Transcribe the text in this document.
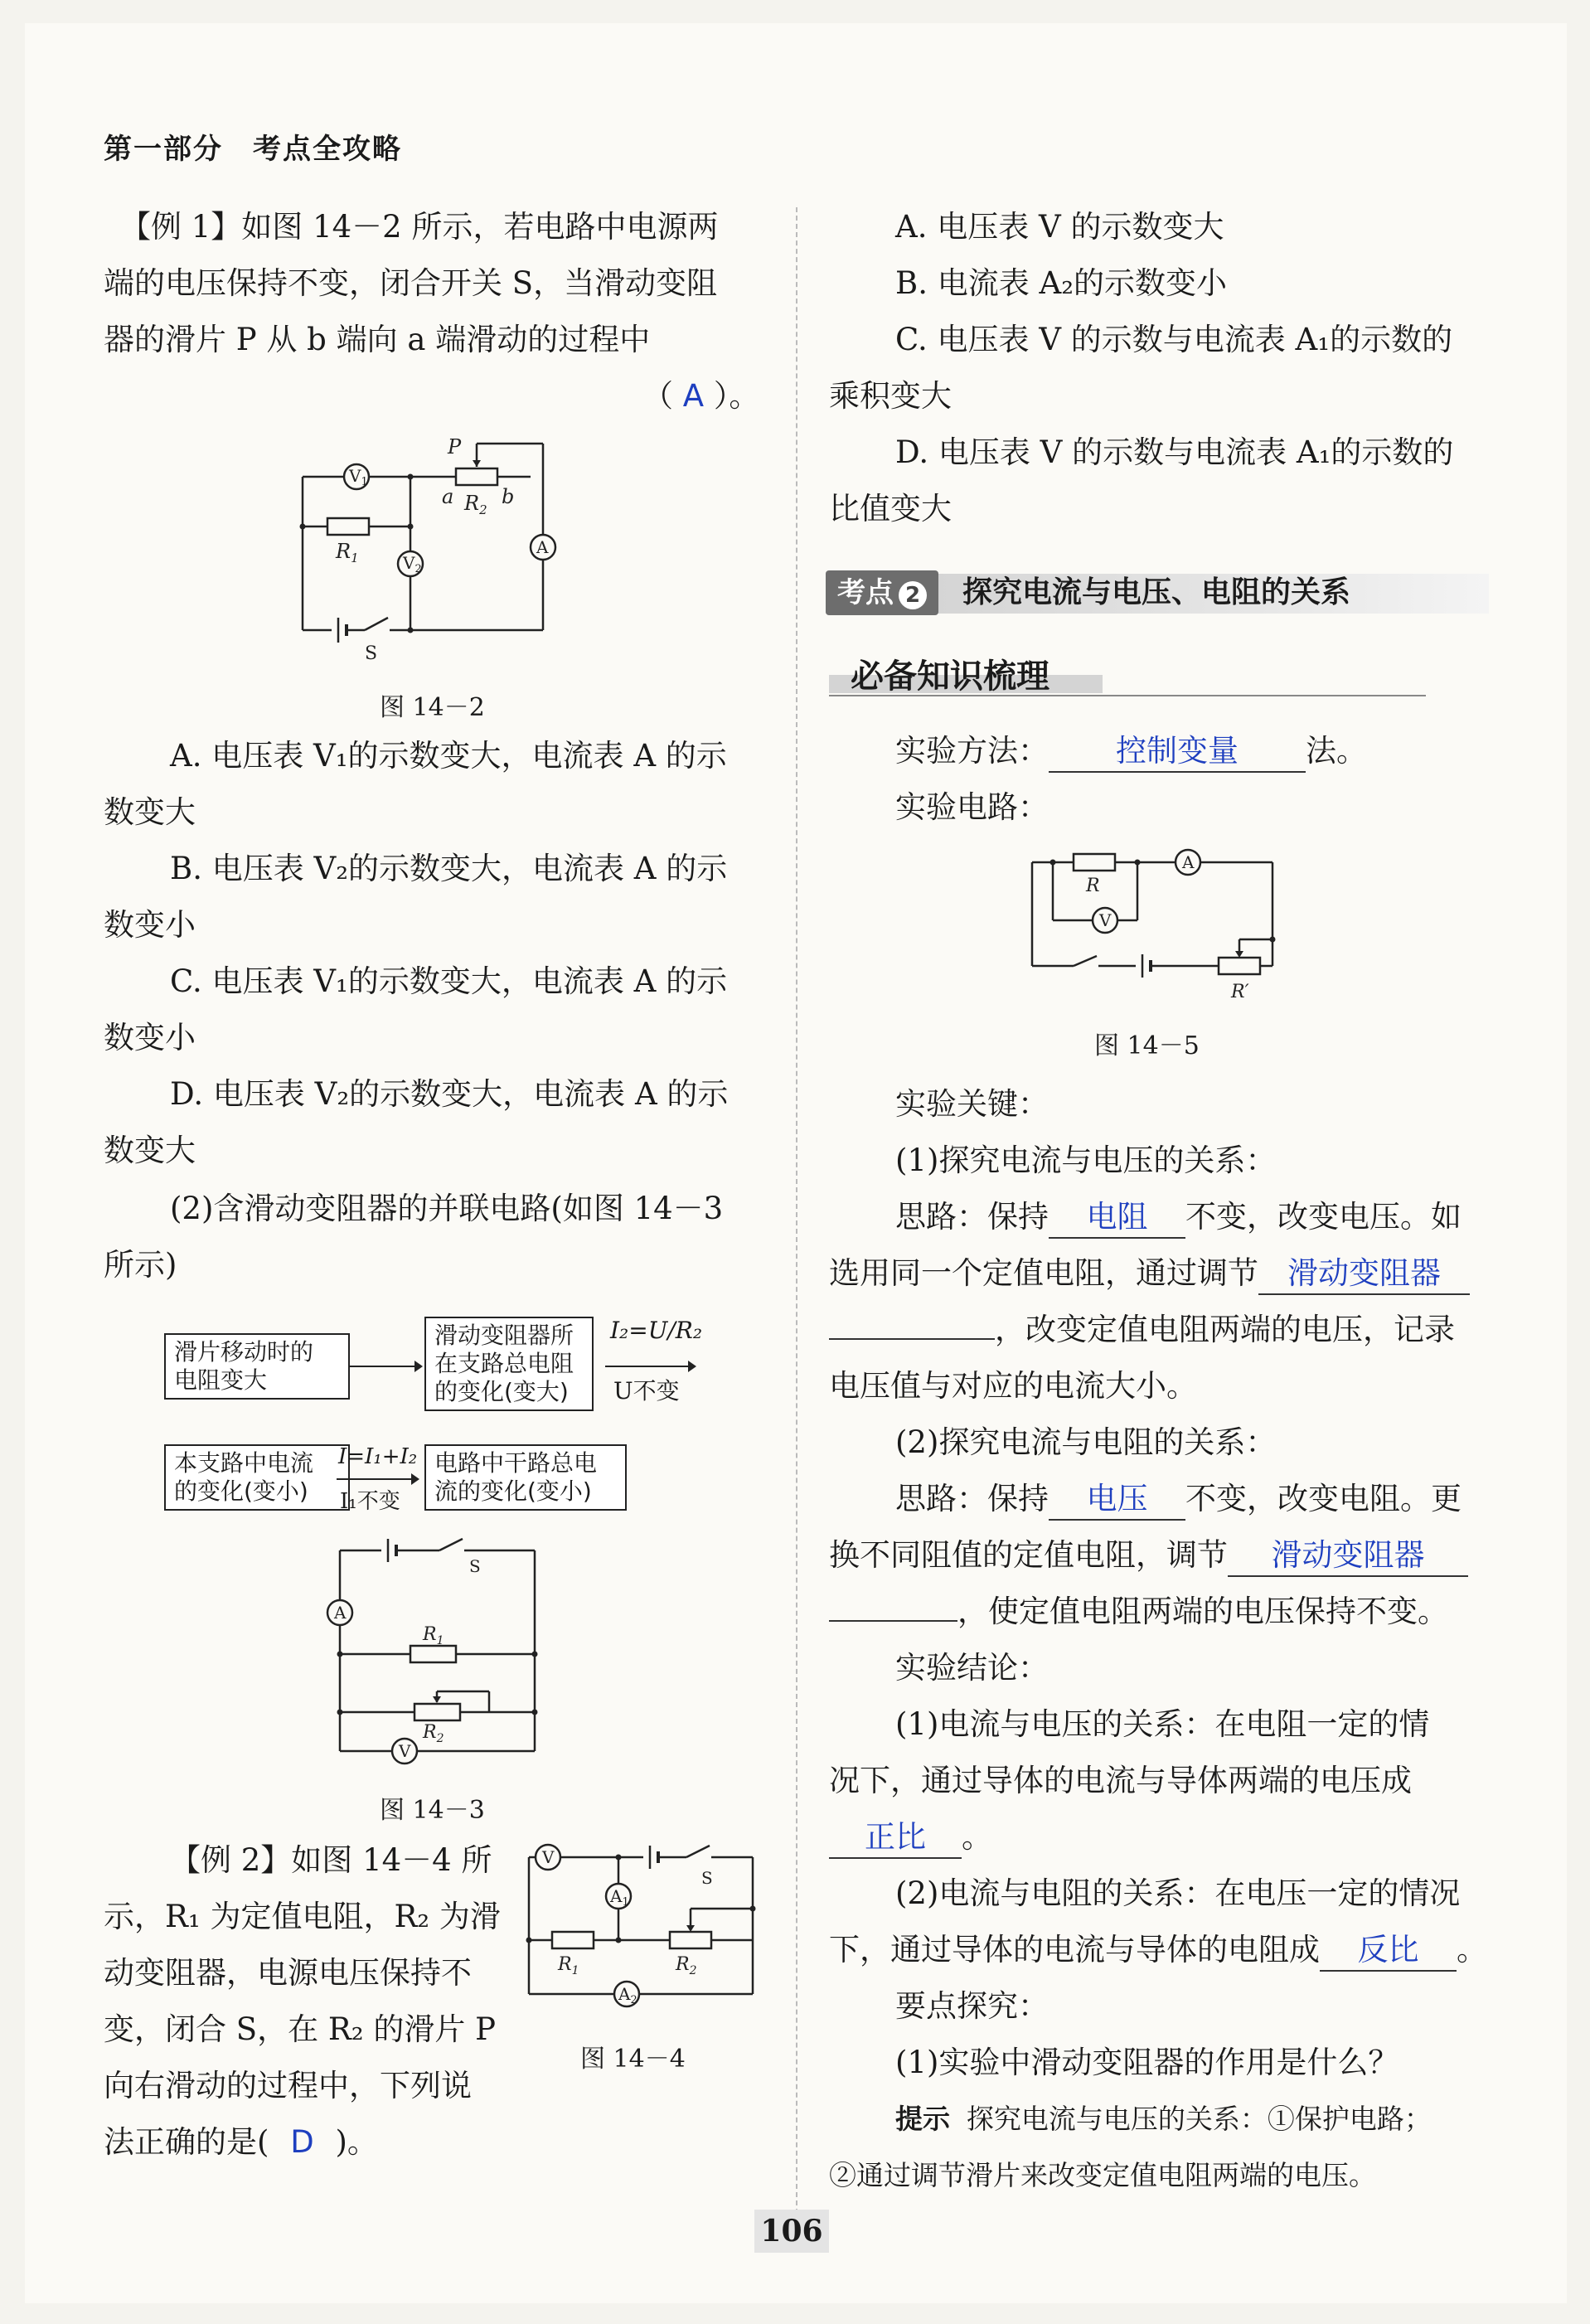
第一部分　考点全攻略
【例 1】如图 14－2 所示，若电路中电源两
端的电压保持不变，闭合开关 S，当滑动变阻
器的滑片 P 从 b 端向 a 端滑动的过程中
（ A ）。
$V_1$
$V_2$
A
P
a $R_2$
b
$R_1$
S
图 14－2
A. 电压表 V₁的示数变大，电流表 A 的示
数变大
B. 电压表 V₂的示数变大，电流表 A 的示
数变小
C. 电压表 V₁的示数变大，电流表 A 的示
数变小
D. 电压表 V₂的示数变大，电流表 A 的示
数变大
(2)含滑动变阻器的并联电路(如图 14－3
所示)
滑片移动时的
电阻变大
滑动变阻器所
在支路总电阻
的变化(变大)
I₂=U/R₂
U不变
本支路中电流
的变化(变小)
I=I₁+I₂
I₁不变
电路中干路总电
流的变化(变小)
A
V
S
$R_1$
$R_2$
图 14－3
【例 2】如图 14－4 所
示，R₁ 为定值电阻，R₂ 为滑
动变阻器，电源电压保持不
变，闭合 S，在 R₂ 的滑片 P
向右滑动的过程中，下列说
法正确的是( D )。
V
$A_1$
$A_2$
S
$R_1$	$R_2$
图 14－4
A. 电压表 V 的示数变大
B. 电流表 A₂的示数变小
C. 电压表 V 的示数与电流表 A₁的示数的
乘积变大
D. 电压表 V 的示数与电流表 A₁的示数的
比值变大
考点 2	探究电流与电压、电阻的关系
必备知识梳理
实验方法： 控制变量 法。
实验电路：
A
V
R
R′
图 14－5
实验关键：
(1)探究电流与电压的关系：
思路：保持 电阻 不变，改变电压。如
选用同一个定值电阻，通过调节 滑动变阻器
，改变定值电阻两端的电压，记录
电压值与对应的电流大小。
(2)探究电流与电阻的关系：
思路：保持 电压 不变，改变电阻。更
换不同阻值的定值电阻，调节 滑动变阻器
，使定值电阻两端的电压保持不变。
实验结论：
(1)电流与电压的关系：在电阻一定的情
况下，通过导体的电流与导体两端的电压成
正比 。
(2)电流与电阻的关系：在电压一定的情况
下，通过导体的电流与导体的电阻成 反比 。
要点探究：
(1)实验中滑动变阻器的作用是什么？
提示 探究电流与电压的关系：①保护电路；
②通过调节滑片来改变定值电阻两端的电压。
106
